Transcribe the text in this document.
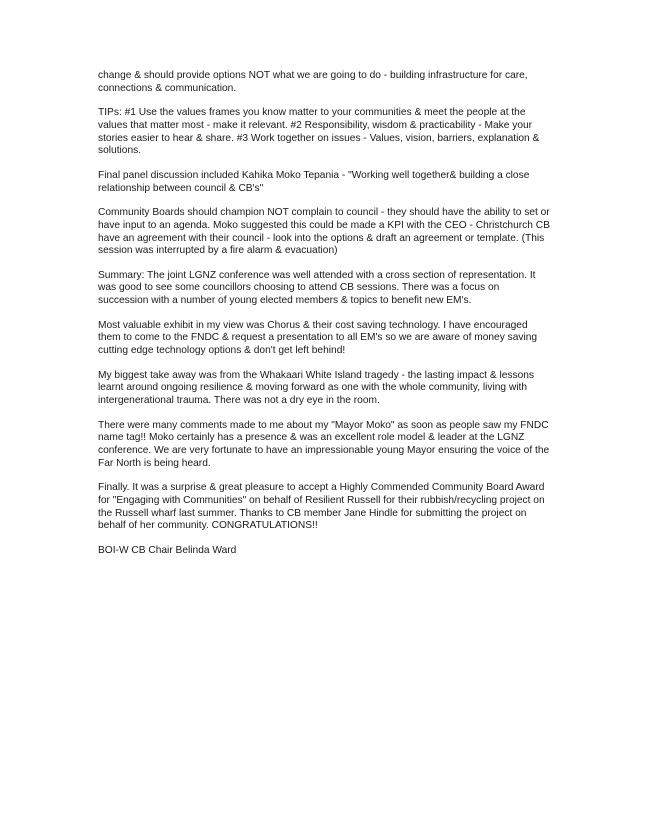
change & should provide options NOT what we are going to do - building infrastructure for care, connections & communication.

TIPs: #1 Use the values frames you know matter to your communities & meet the people at the values that matter most - make it relevant. #2 Responsibility, wisdom & practicability - Make your stories easier to hear & share. #3 Work together on issues - Values, vision, barriers, explanation & solutions.

Final panel discussion included Kahika Moko Tepania - "Working well together& building a close relationship between council & CB's"

Community Boards should champion NOT complain to council - they should have the ability to set or have input to an agenda. Moko suggested this could be made a KPI with the CEO - Christchurch CB have an agreement with their council - look into the options & draft an agreement or template. (This session was interrupted by a fire alarm & evacuation)

Summary: The joint LGNZ conference was well attended with a cross section of representation. It was good to see some councillors choosing to attend CB sessions. There was a focus on succession with a number of young elected members & topics to benefit new EM's.

Most valuable exhibit in my view was Chorus & their cost saving technology. I have encouraged them to come to the FNDC & request a presentation to all EM's so we are aware of money saving cutting edge technology options & don't get left behind!

My biggest take away was from the Whakaari White Island tragedy - the lasting impact & lessons learnt around ongoing resilience & moving forward as one with the whole community, living with intergenerational trauma. There was not a dry eye in the room.

There were many comments made to me about my "Mayor Moko" as soon as people saw my FNDC name tag!! Moko certainly has a presence & was an excellent role model & leader at the LGNZ conference. We are very fortunate to have an impressionable young Mayor ensuring the voice of the Far North is being heard.

Finally. It was a surprise & great pleasure to accept a Highly Commended Community Board Award for "Engaging with Communities" on behalf of Resilient Russell for their rubbish/recycling project on the Russell wharf last summer. Thanks to CB member Jane Hindle for submitting the project on behalf of her community. CONGRATULATIONS!!

BOI-W CB Chair Belinda Ward
